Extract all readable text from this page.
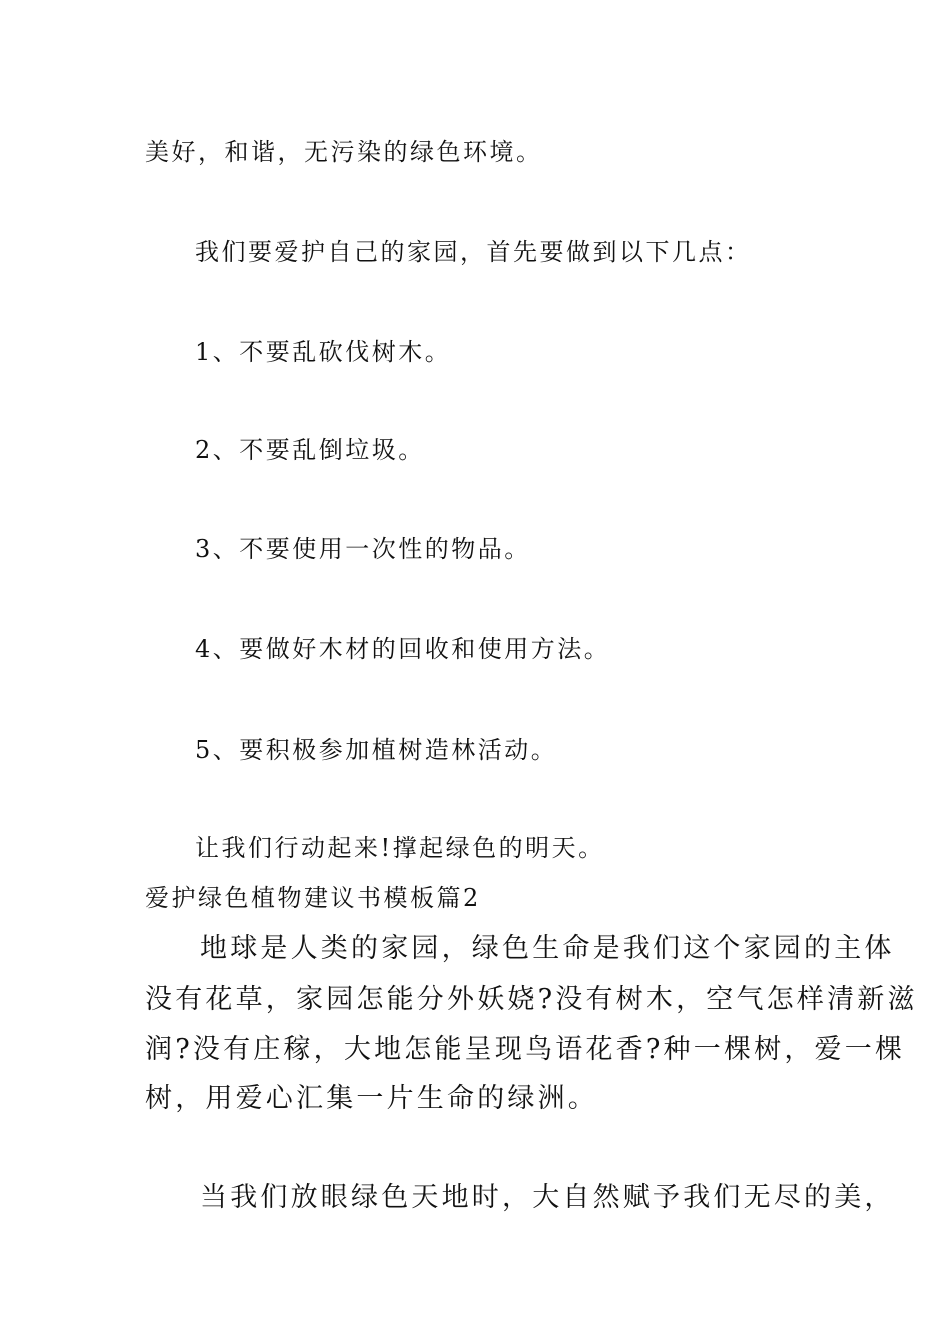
美好，和谐，无污染的绿色环境。

我们要爱护自己的家园，首先要做到以下几点：

1、不要乱砍伐树木。

2、不要乱倒垃圾。

3、不要使用一次性的物品。

4、要做好木材的回收和使用方法。

5、要积极参加植树造林活动。

让我们行动起来!撑起绿色的明天。

爱护绿色植物建议书模板篇2

地球是人类的家园，绿色生命是我们这个家园的主体

没有花草，家园怎能分外妖娆?没有树木，空气怎样清新滋

润?没有庄稼，大地怎能呈现鸟语花香?种一棵树，爱一棵

树，用爱心汇集一片生命的绿洲。

当我们放眼绿色天地时，大自然赋予我们无尽的美，
